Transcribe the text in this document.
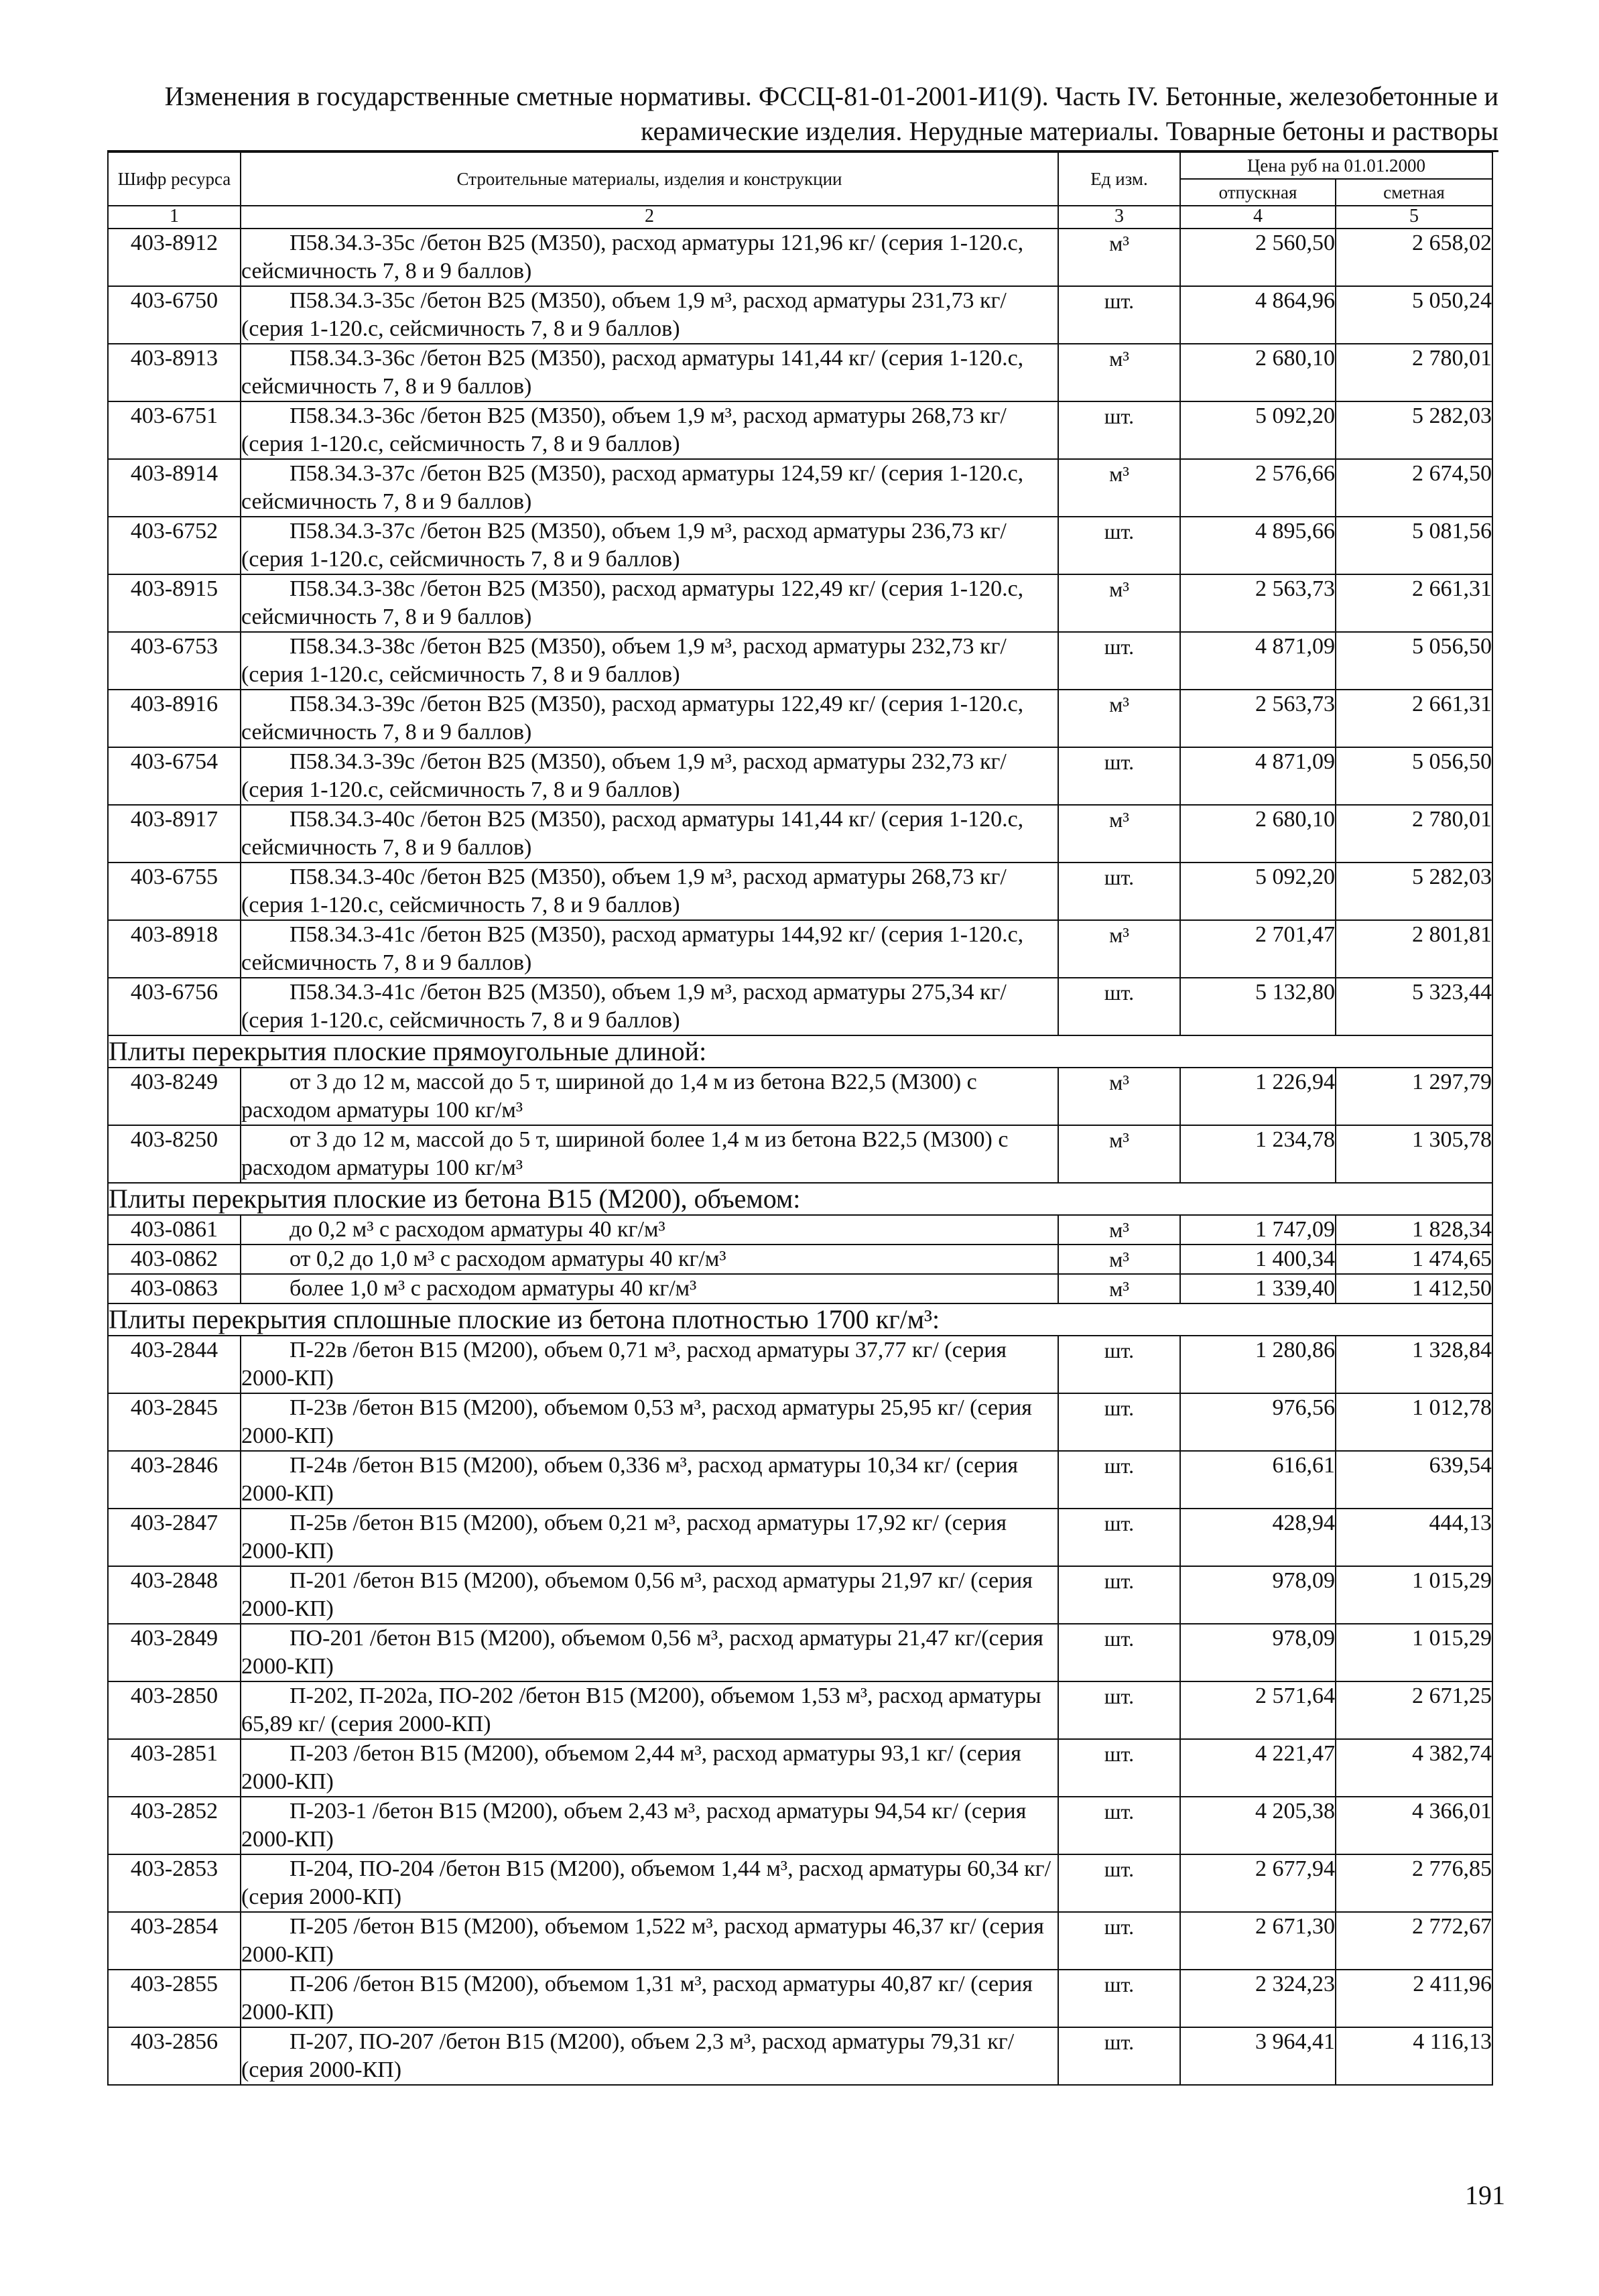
Изменения в государственные сметные нормативы. ФССЦ-81-01-2001-И1(9). Часть IV. Бетонные, железобетонные и
керамические изделия. Нерудные материалы. Товарные бетоны и растворы
Шифр ресурса	Строительные материалы, изделия и конструкции	Ед изм.	Цена руб на 01.01.2000	
			отпускная	сметная
1	2	3	4	5
403-8912	П58.34.3-35с /бетон В25 (М350), расход арматуры 121,96 кг/ (серия 1-120.с, сейсмичность 7, 8 и 9 баллов)	м³	2 560,50	2 658,02
403-6750	П58.34.3-35с /бетон В25 (М350), объем 1,9 м³, расход арматуры 231,73 кг/ (серия 1-120.с, сейсмичность 7, 8 и 9 баллов)	шт.	4 864,96	5 050,24
403-8913	П58.34.3-36с /бетон В25 (М350), расход арматуры 141,44 кг/ (серия 1-120.с, сейсмичность 7, 8 и 9 баллов)	м³	2 680,10	2 780,01
403-6751	П58.34.3-36с /бетон В25 (М350), объем 1,9 м³, расход арматуры 268,73 кг/ (серия 1-120.с, сейсмичность 7, 8 и 9 баллов)	шт.	5 092,20	5 282,03
403-8914	П58.34.3-37с /бетон В25 (М350), расход арматуры 124,59 кг/ (серия 1-120.с, сейсмичность 7, 8 и 9 баллов)	м³	2 576,66	2 674,50
403-6752	П58.34.3-37с /бетон В25 (М350), объем 1,9 м³, расход арматуры 236,73 кг/ (серия 1-120.с, сейсмичность 7, 8 и 9 баллов)	шт.	4 895,66	5 081,56
403-8915	П58.34.3-38с /бетон В25 (М350), расход арматуры 122,49 кг/ (серия 1-120.с, сейсмичность 7, 8 и 9 баллов)	м³	2 563,73	2 661,31
403-6753	П58.34.3-38с /бетон В25 (М350), объем 1,9 м³, расход арматуры 232,73 кг/ (серия 1-120.с, сейсмичность 7, 8 и 9 баллов)	шт.	4 871,09	5 056,50
403-8916	П58.34.3-39с /бетон В25 (М350), расход арматуры 122,49 кг/ (серия 1-120.с, сейсмичность 7, 8 и 9 баллов)	м³	2 563,73	2 661,31
403-6754	П58.34.3-39с /бетон В25 (М350), объем 1,9 м³, расход арматуры 232,73 кг/ (серия 1-120.с, сейсмичность 7, 8 и 9 баллов)	шт.	4 871,09	5 056,50
403-8917	П58.34.3-40с /бетон В25 (М350), расход арматуры 141,44 кг/ (серия 1-120.с, сейсмичность 7, 8 и 9 баллов)	м³	2 680,10	2 780,01
403-6755	П58.34.3-40с /бетон В25 (М350), объем 1,9 м³, расход арматуры 268,73 кг/ (серия 1-120.с, сейсмичность 7, 8 и 9 баллов)	шт.	5 092,20	5 282,03
403-8918	П58.34.3-41с /бетон В25 (М350), расход арматуры 144,92 кг/ (серия 1-120.с, сейсмичность 7, 8 и 9 баллов)	м³	2 701,47	2 801,81
403-6756	П58.34.3-41с /бетон В25 (М350), объем 1,9 м³, расход арматуры 275,34 кг/ (серия 1-120.с, сейсмичность 7, 8 и 9 баллов)	шт.	5 132,80	5 323,44
Плиты перекрытия плоские прямоугольные длиной:				
403-8249	от 3 до 12 м, массой до 5 т, шириной до 1,4 м из бетона В22,5 (М300) с расходом арматуры 100 кг/м³	м³	1 226,94	1 297,79
403-8250	от 3 до 12 м, массой до 5 т, шириной более 1,4 м из бетона В22,5 (М300) с расходом арматуры 100 кг/м³	м³	1 234,78	1 305,78
Плиты перекрытия плоские из бетона В15 (М200), объемом:				
403-0861	до 0,2 м³ с расходом арматуры 40 кг/м³	м³	1 747,09	1 828,34
403-0862	от 0,2 до 1,0 м³ с расходом арматуры 40 кг/м³	м³	1 400,34	1 474,65
403-0863	более 1,0 м³ с расходом арматуры 40 кг/м³	м³	1 339,40	1 412,50
Плиты перекрытия сплошные плоские из бетона плотностью 1700 кг/м³:				
403-2844	П-22в /бетон В15 (М200), объем 0,71 м³, расход арматуры 37,77 кг/ (серия 2000-КП)	шт.	1 280,86	1 328,84
403-2845	П-23в /бетон В15 (М200), объемом 0,53 м³, расход арматуры 25,95 кг/ (серия 2000-КП)	шт.	976,56	1 012,78
403-2846	П-24в /бетон В15 (М200), объем 0,336 м³, расход арматуры 10,34 кг/ (серия 2000-КП)	шт.	616,61	639,54
403-2847	П-25в /бетон В15 (М200), объем 0,21 м³, расход арматуры 17,92 кг/ (серия 2000-КП)	шт.	428,94	444,13
403-2848	П-201 /бетон В15 (М200), объемом 0,56 м³, расход арматуры 21,97 кг/ (серия 2000-КП)	шт.	978,09	1 015,29
403-2849	ПО-201 /бетон В15 (М200), объемом 0,56 м³, расход арматуры 21,47 кг/(серия 2000-КП)	шт.	978,09	1 015,29
403-2850	П-202, П-202а, ПО-202 /бетон В15 (М200), объемом 1,53 м³, расход арматуры 65,89 кг/ (серия 2000-КП)	шт.	2 571,64	2 671,25
403-2851	П-203 /бетон В15 (М200), объемом 2,44 м³, расход арматуры 93,1 кг/ (серия 2000-КП)	шт.	4 221,47	4 382,74
403-2852	П-203-1 /бетон В15 (М200), объем 2,43 м³, расход арматуры 94,54 кг/ (серия 2000-КП)	шт.	4 205,38	4 366,01
403-2853	П-204, ПО-204 /бетон В15 (М200), объемом 1,44 м³, расход арматуры 60,34 кг/ (серия 2000-КП)	шт.	2 677,94	2 776,85
403-2854	П-205 /бетон В15 (М200), объемом 1,522 м³, расход арматуры 46,37 кг/ (серия 2000-КП)	шт.	2 671,30	2 772,67
403-2855	П-206 /бетон В15 (М200), объемом 1,31 м³, расход арматуры 40,87 кг/ (серия 2000-КП)	шт.	2 324,23	2 411,96
403-2856	П-207, ПО-207 /бетон В15 (М200), объем 2,3 м³, расход арматуры 79,31 кг/ (серия 2000-КП)	шт.	3 964,41	4 116,13
191
